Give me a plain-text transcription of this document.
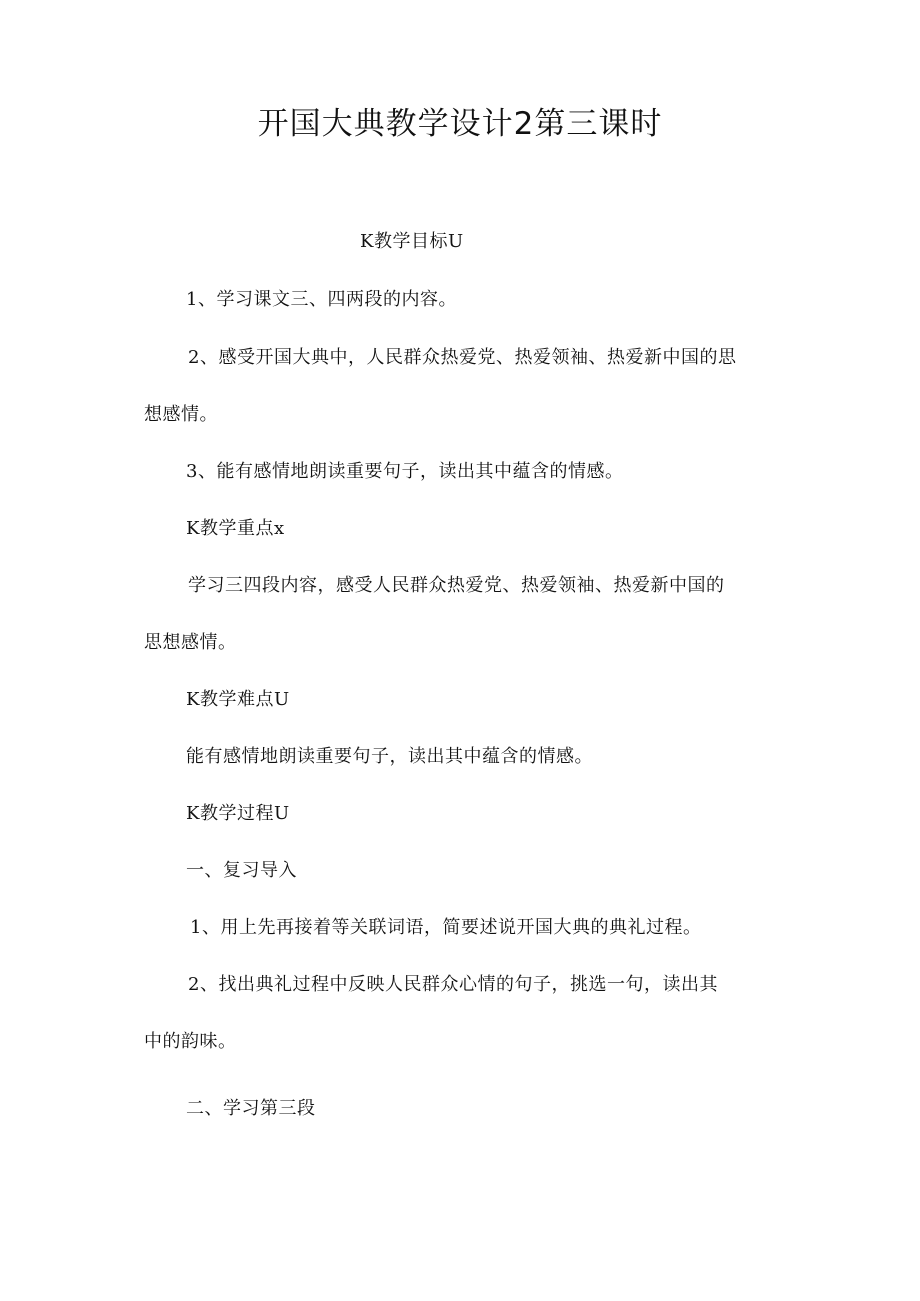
开国大典教学设计2第三课时

K教学目标U

1、学习课文三、四两段的内容。

2、感受开国大典中，人民群众热爱党、热爱领袖、热爱新中国的思

想感情。

3、能有感情地朗读重要句子，读出其中蕴含的情感。

K教学重点x

学习三四段内容，感受人民群众热爱党、热爱领袖、热爱新中国的

思想感情。

K教学难点U

能有感情地朗读重要句子，读出其中蕴含的情感。

K教学过程U

一、复习导入

1、用上先再接着等关联词语，简要述说开国大典的典礼过程。

2、找出典礼过程中反映人民群众心情的句子，挑选一句，读出其

中的韵味。

二、学习第三段
